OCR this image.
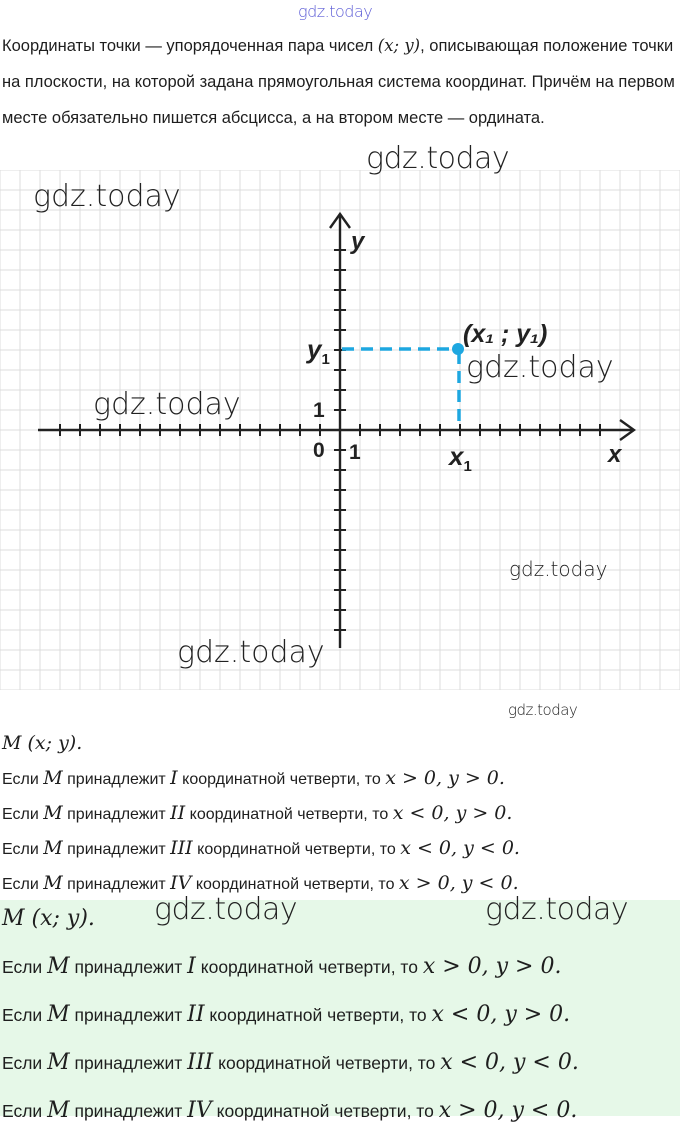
gdz.today
Координаты точки — упорядоченная пара чисел (x; y), описывающая положение точки на плоскости, на которой задана прямоугольная система координат. Причём на первом месте обязательно пишется абсцисса, а на втором месте — ордината.
y
x
0 1
1
$y_1$
$x_1$
(x₁ ; y₁)
gdz.today
gdz.today
gdz.today
gdz.today
gdz.today
gdz.today
gdz.today
M (x; y).
Если M принадлежит I координатной четверти, то x > 0, y > 0.
Если M принадлежит II координатной четверти, то x < 0, y > 0.
Если M принадлежит III координатной четверти, то x < 0, y < 0.
Если M принадлежит IV координатной четверти, то x > 0, y < 0.
M (x; y).
Если M принадлежит I координатной четверти, то x > 0, y > 0.
Если M принадлежит II координатной четверти, то x < 0, y > 0.
Если M принадлежит III координатной четверти, то x < 0, y < 0.
Если M принадлежит IV координатной четверти, то x > 0, y < 0.
gdz.today	gdz.today
